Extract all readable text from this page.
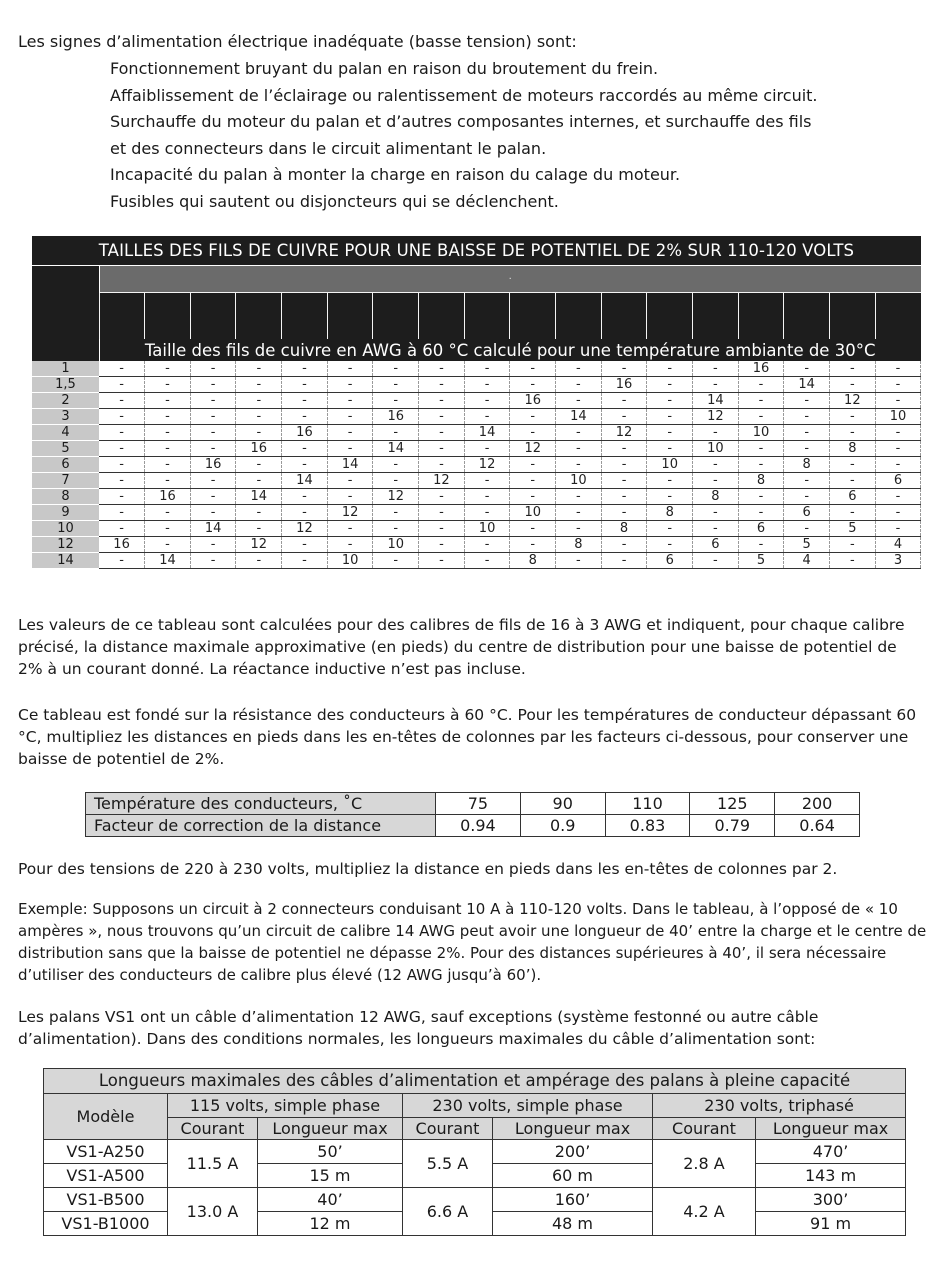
Les signes d’alimentation électrique inadéquate (basse tension) sont:
Fonctionnement bruyant du palan en raison du broutement du frein.
Affaiblissement de l’éclairage ou ralentissement de moteurs raccordés au même circuit.
Surchauffe du moteur du palan et d’autres composantes internes, et surchauffe des fils
et des connecteurs dans le circuit alimentant le palan.
Incapacité du palan à monter la charge en raison du calage du moteur.
Fusibles qui sautent ou disjoncteurs qui se déclenchent.
TAILLES DES FILS DE CUIVRE POUR UNE BAISSE DE POTENTIEL DE 2% SUR 110-120 VOLTS																		
	·																	

	Taille des fils de cuivre en AWG à 60 °C calculé pour une température ambiante de 30°C																	
1	-	-	-	-	-	-	-	-	-	-	-	-	-	-	16	-	-	-
1,5	-	-	-	-	-	-	-	-	-	-	-	16	-	-	-	14	-	-
2	-	-	-	-	-	-	-	-	-	16	-	-	-	14	-	-	12	-
3	-	-	-	-	-	-	16	-	-	-	14	-	-	12	-	-	-	10
4	-	-	-	-	16	-	-	-	14	-	-	12	-	-	10	-	-	-
5	-	-	-	16	-	-	14	-	-	12	-	-	-	10	-	-	8	-
6	-	-	16	-	-	14	-	-	12	-	-	-	10	-	-	8	-	-
7	-	-	-	-	14	-	-	12	-	-	10	-	-	-	8	-	-	6
8	-	16	-	14	-	-	12	-	-	-	-	-	-	8	-	-	6	-
9	-	-	-	-	-	12	-	-	-	10	-	-	8	-	-	6	-	-
10	-	-	14	-	12	-	-	-	10	-	-	8	-	-	6	-	5	-
12	16	-	-	12	-	-	10	-	-	-	8	-	-	6	-	5	-	4
14	-	14	-	-	-	10	-	-	-	8	-	-	6	-	5	4	-	3

Les valeurs de ce tableau sont calculées pour des calibres de fils de 16 à 3 AWG et indiquent, pour chaque calibre précisé, la distance maximale approximative (en pieds) du centre de distribution pour une baisse de potentiel de 2% à un courant donné. La réactance inductive n’est pas incluse.

Ce tableau est fondé sur la résistance des conducteurs à 60 °C. Pour les températures de conducteur dépassant 60 °C, multipliez les distances en pieds dans les en-têtes de colonnes par les facteurs ci-dessous, pour conserver une baisse de potentiel de 2%.

Température des conducteurs, ˚C	75	90	110	125	200
Facteur de correction de la distance	0.94	0.9	0.83	0.79	0.64

Pour des tensions de 220 à 230 volts, multipliez la distance en pieds dans les en-têtes de colonnes par 2.

Exemple: Supposons un circuit à 2 connecteurs conduisant 10 A à 110-120 volts. Dans le tableau, à l’opposé de « 10 ampères », nous trouvons qu’un circuit de calibre 14 AWG peut avoir une longueur de 40’ entre la charge et le centre de distribution sans que la baisse de potentiel ne dépasse 2%. Pour des distances supérieures à 40’, il sera nécessaire d’utiliser des conducteurs de calibre plus élevé (12 AWG jusqu’à 60’).

Les palans VS1 ont un câble d’alimentation 12 AWG, sauf exceptions (système festonné ou autre câble d’alimentation). Dans des conditions normales, les longueurs maximales du câble d’alimentation sont:

Longueurs maximales des câbles d’alimentation et ampérage des palans à pleine capacité						
Modèle	115 volts, simple phase		230 volts, simple phase		230 volts, triphasé	
	Courant	Longueur max	Courant	Longueur max	Courant	Longueur max
VS1-A250	11.5 A	50’	5.5 A	200’	2.8 A	470’
VS1-A500		15 m		60 m		143 m
VS1-B500	13.0 A	40’	6.6 A	160’	4.2 A	300’
VS1-B1000		12 m		48 m		91 m
